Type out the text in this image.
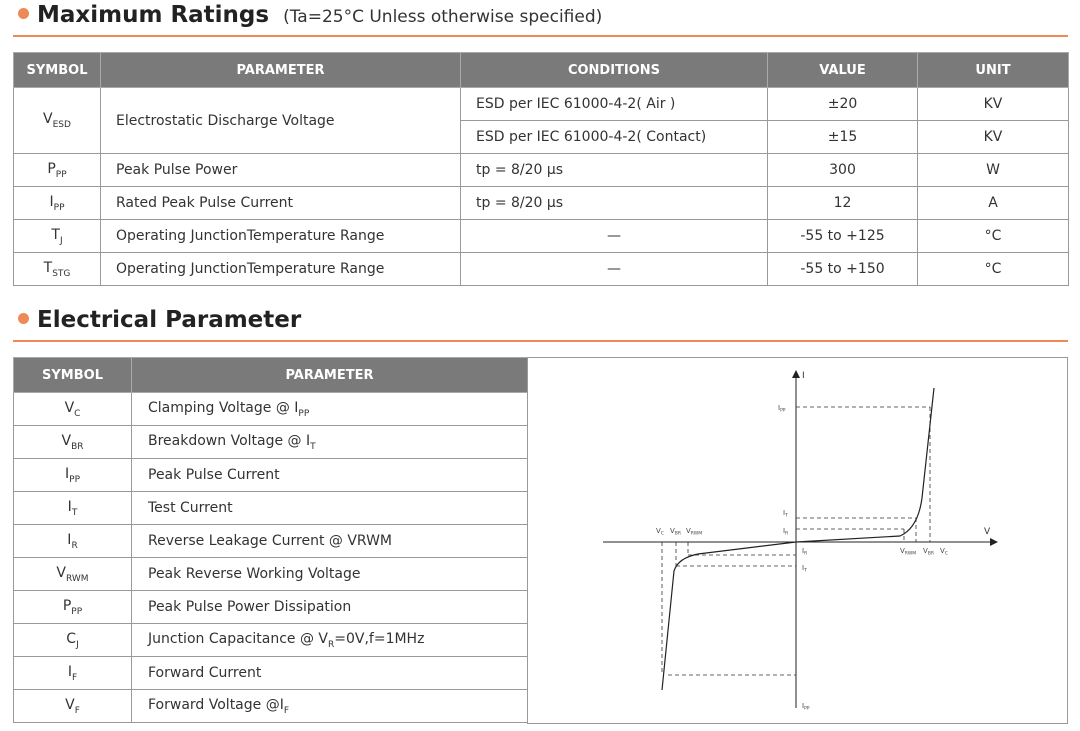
Maximum Ratings (Ta=25°C Unless otherwise specified)
SYMBOL	PARAMETER	CONDITIONS	VALUE	UNIT
$V_{ESD}$	Electrostatic Discharge Voltage	ESD per IEC 61000-4-2( Air )	±20	KV
		ESD per IEC 61000-4-2( Contact)	±15	KV
$P_{PP}$	Peak Pulse Power	tp = 8/20 µs	300	W
$I_{PP}$	Rated Peak Pulse Current	tp = 8/20 µs	12	A
$T_J$	Operating JunctionTemperature Range	—	-55 to +125	°C
$T_{STG}$	Operating JunctionTemperature Range	—	-55 to +150	°C
Electrical Parameter
SYMBOL	PARAMETER
$V_C$	Clamping Voltage @ $I_{PP}$
$V_{BR}$	Breakdown Voltage @ $I_T$
$I_{PP}$	Peak Pulse Current
$I_T$	Test Current
$I_R$	Reverse Leakage Current @ VRWM
$V_{RWM}$	Peak Reverse Working Voltage
$P_{PP}$	Peak Pulse Power Dissipation
$C_J$	Junction Capacitance @ $V_R=0V,f=1MHz$
$I_F$	Forward Current
$V_F$	Forward Voltage $@I_F$
I
V
$I_{PP}$
$I_T$
$I_R$
$I_R$
$I_T$
$I_{PP}$
$V_C$ $V_{BR}$ $V_{RWM}$
$V_{RWM}$ $V_{BR}$ $V_C$
